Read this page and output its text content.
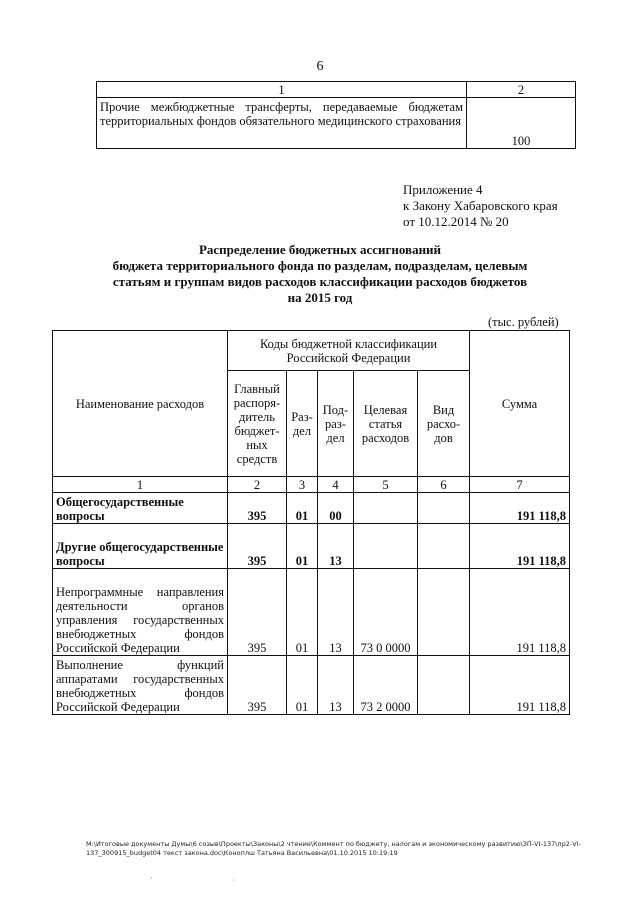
6
1	2
Прочие межбюджетные трансферты, передаваемые бюджетам территориальных фондов обязательного медицинского страхования	100
Приложение 4
к Закону Хабаровского края
от 10.12.2014 № 20
Распределение бюджетных ассигнований
бюджета территориального фонда по разделам, подразделам, целевым
статьям и группам видов расходов классификации расходов бюджетов
на 2015 год
(тыс. рублей)
Наименование расходов	Коды бюджетной классификации Российской Федерации					Сумма
	Главный распоря-дитель бюджет-ных средств	Раз-дел	Под-раз-дел	Целевая статья расходов	Вид расхо-дов	
1	2	3	4	5	6	7
Общегосударственные вопросы	395	01	00			191 118,8
Другие общегосударственные вопросы	395	01	13			191 118,8
Непрограммные направления деятельности органов управления государственных внебюджетных фондов Российской Федерации	395	01	13	73 0 0000		191 118,8
Выполнение функций аппаратами государственных внебюджетных фондов Российской Федерации	395	01	13	73 2 0000		191 118,8
M:\Итоговые документы Думы\6 созыв\Проекты\Законы\2 чтение\Коммент по бюджету, налогам и экономическому развитию\ЗП-VI-137\пр2-VI-
137_300915_budget04 текст закона.doc\Коноплш Татьяна Васильевна\01.10.2015 10:19:19
·	·
